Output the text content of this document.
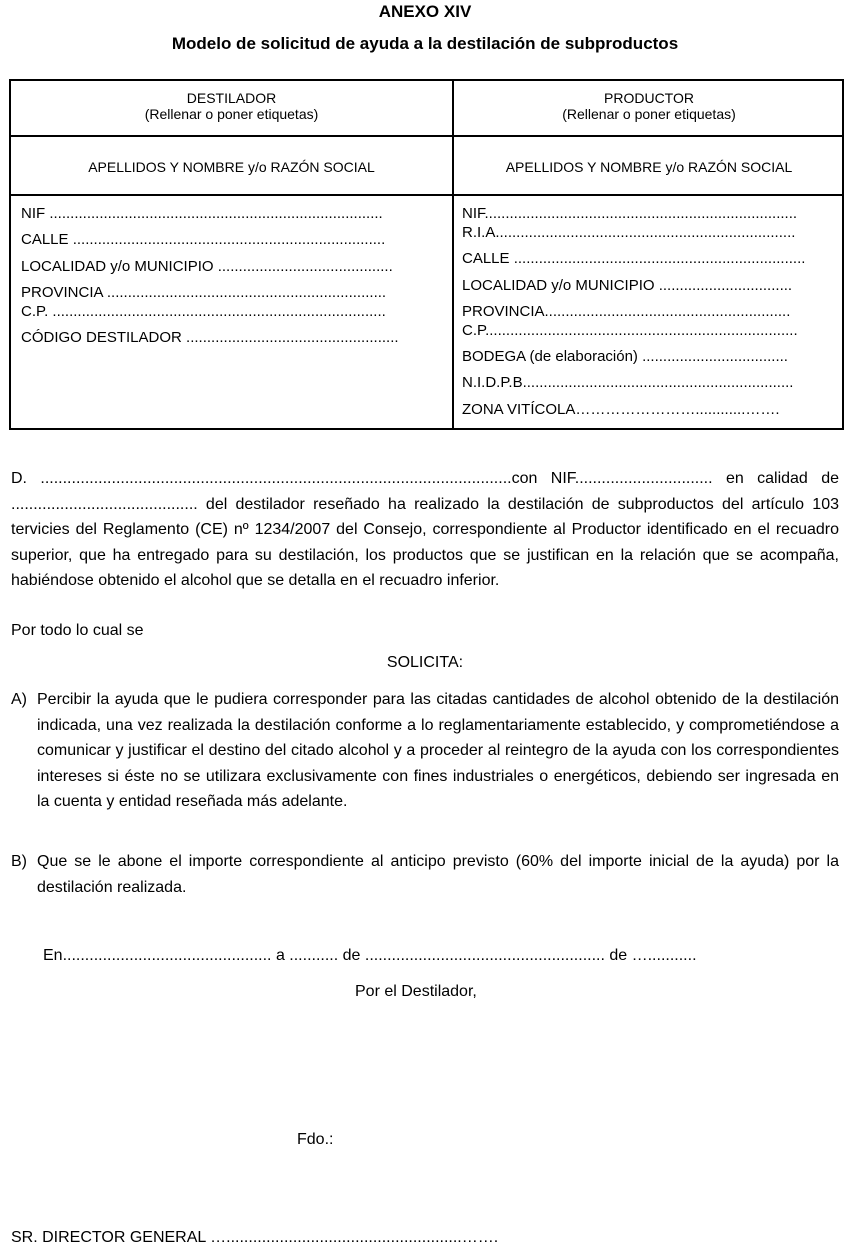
ANEXO XIV
Modelo de solicitud de ayuda a la destilación de subproductos
DESTILADOR
(Rellenar o poner etiquetas)
PRODUCTOR
(Rellenar o poner etiquetas)
APELLIDOS Y NOMBRE y/o RAZÓN SOCIAL	APELLIDOS Y NOMBRE y/o RAZÓN SOCIAL
NIF ................................................................................
CALLE ...........................................................................
LOCALIDAD y/o MUNICIPIO ..........................................
PROVINCIA ...................................................................
C.P. ................................................................................
CÓDIGO DESTILADOR ...................................................
NIF...........................................................................
R.I.A........................................................................
CALLE ......................................................................
LOCALIDAD y/o MUNICIPIO ................................
PROVINCIA...........................................................
C.P...........................................................................
BODEGA (de elaboración) ...................................
N.I.D.P.B.................................................................
ZONA VITÍCOLA……………………............…….
D. ..........................................................................................................con NIF............................... en calidad de .......................................... del destilador reseñado ha realizado la destilación de subproductos del artículo 103 tervicies del Reglamento (CE) nº 1234/2007 del Consejo, correspondiente al Productor identificado en el recuadro superior, que ha entregado para su destilación, los productos que se justifican en la relación que se acompaña, habiéndose obtenido el alcohol que se detalla en el recuadro inferior.
Por todo lo cual se
SOLICITA:
A) Percibir la ayuda que le pudiera corresponder para las citadas cantidades de alcohol obtenido de la destilación indicada, una vez realizada la destilación conforme a lo reglamentariamente establecido, y comprometiéndose a comunicar y justificar el destino del citado alcohol y a proceder al reintegro de la ayuda con los correspondientes intereses si éste no se utilizara exclusivamente con fines industriales o energéticos, debiendo ser ingresada en la cuenta y entidad reseñada más adelante.
B) Que se le abone el importe correspondiente al anticipo previsto (60% del importe inicial de la ayuda) por la destilación realizada.
En............................................... a ........... de ...................................................... de …...........
Por el Destilador,
Fdo.:
SR. DIRECTOR GENERAL ….....................................................…….
